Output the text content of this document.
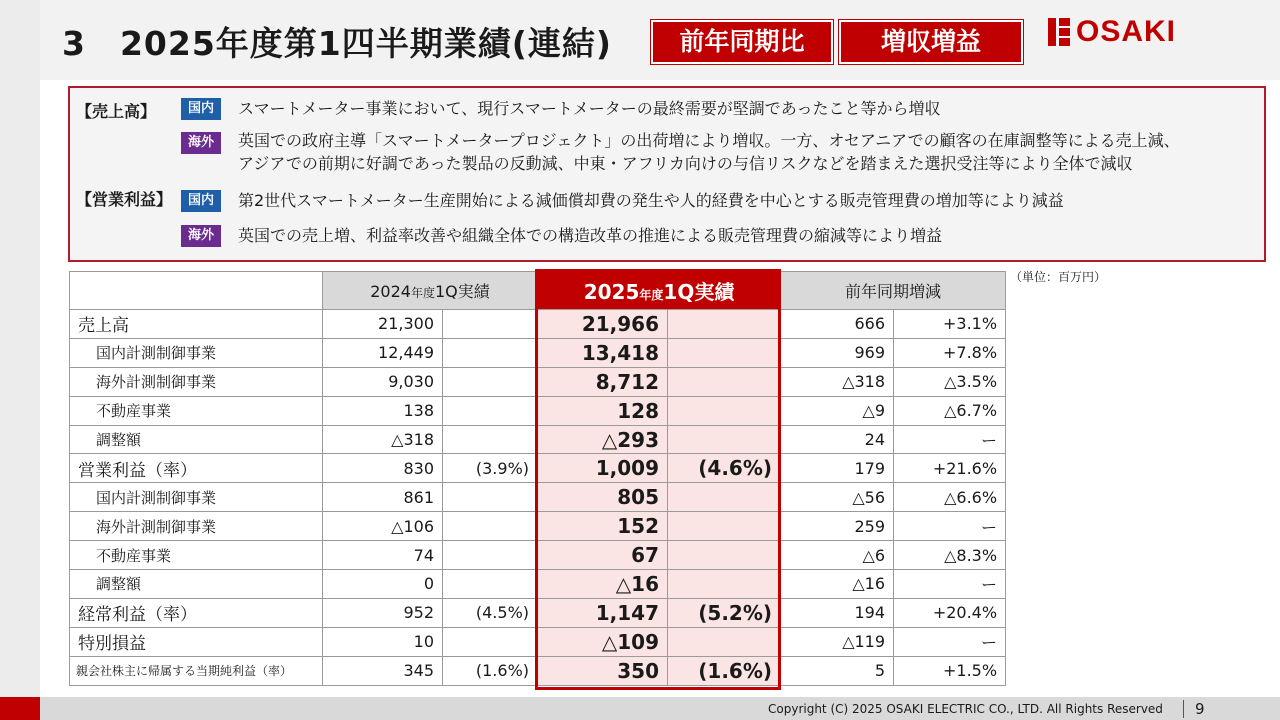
3　2025年度第1四半期業績(連結)	前年同期比	増収増益	OSAKI
【売上高】	国内	スマートメーター事業において、現行スマートメーターの最終需要が堅調であったこと等から増収
海外	英国での政府主導「スマートメータープロジェクト」の出荷増により増収。一方、オセアニアでの顧客の在庫調整等による売上減、
アジアでの前期に好調であった製品の反動減、中東・アフリカ向けの与信リスクなどを踏まえた選択受注等により全体で減収
【営業利益】	国内	第2世代スマートメーター生産開始による減価償却費の発生や人的経費を中心とする販売管理費の増加等により減益
海外	英国での売上増、利益率改善や組織全体での構造改革の推進による販売管理費の縮減等により増益
（単位：百万円）
	2024年度1Q実績		2025年度1Q実績		前年同期増減	
売上高	21,300		21,966		666	+3.1%
国内計測制御事業	12,449		13,418		969	+7.8%
海外計測制御事業	9,030		8,712		△318	△3.5%
不動産事業	138		128		△9	△6.7%
調整額	△318		△293		24	ー
営業利益（率）	830	(3.9%)	1,009	(4.6%)	179	+21.6%
国内計測制御事業	861		805		△56	△6.6%
海外計測制御事業	△106		152		259	ー
不動産事業	74		67		△6	△8.3%
調整額	0		△16		△16	ー
経常利益（率）	952	(4.5%)	1,147	(5.2%)	194	+20.4%
特別損益	10		△109		△119	ー
親会社株主に帰属する当期純利益（率）	345	(1.6%)	350	(1.6%)	5	+1.5%
Copyright (C) 2025 OSAKI ELECTRIC CO., LTD. All Rights Reserved 9
